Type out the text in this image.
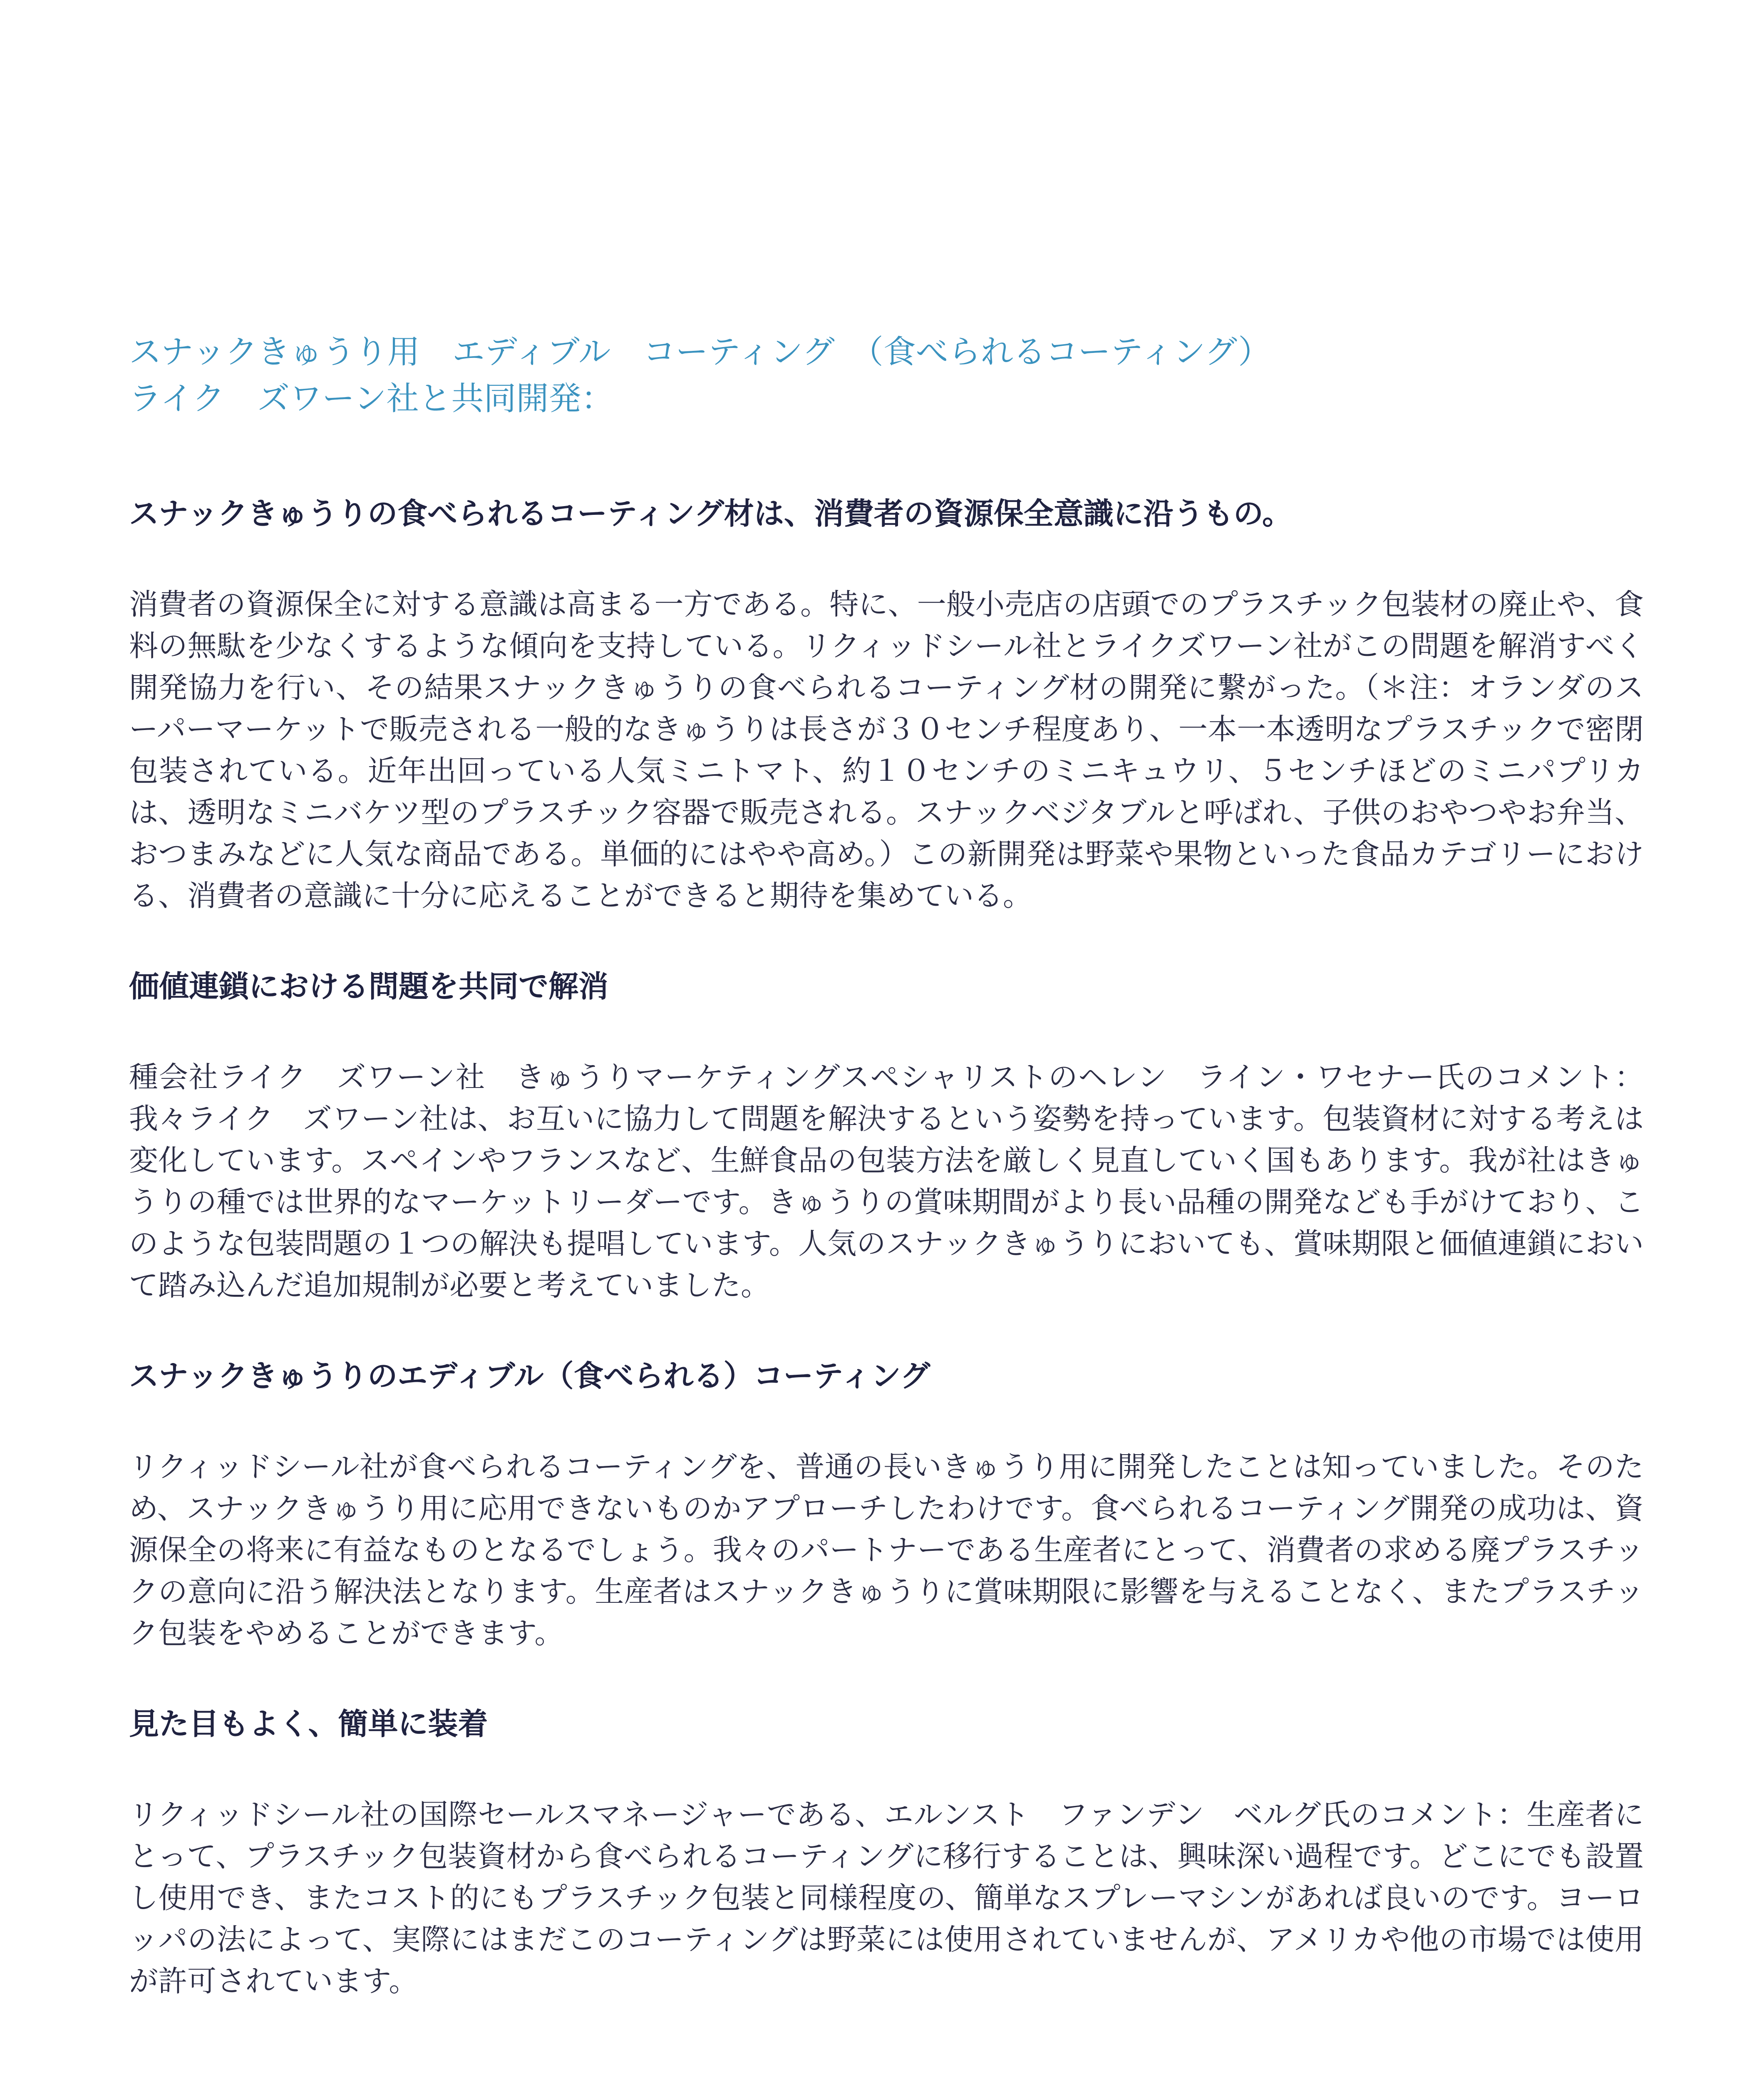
スナックきゅうり用　エディブル　コーティング　（食べられるコーティング）
ライク　ズワーン社と共同開発：
スナックきゅうりの食べられるコーティング材は、消費者の資源保全意識に沿うもの。

消費者の資源保全に対する意識は高まる一方である。特に、一般小売店の店頭でのプラスチック包装材の廃止や、食料の無駄を少なくするような傾向を支持している。リクィッドシール社とライクズワーン社がこの問題を解消すべく開発協力を行い、その結果スナックきゅうりの食べられるコーティング材の開発に繋がった。（＊注：オランダのスーパーマーケットで販売される一般的なきゅうりは長さが３０センチ程度あり、一本一本透明なプラスチックで密閉包装されている。近年出回っている人気ミニトマト、約１０センチのミニキュウリ、５センチほどのミニパプリカは、透明なミニバケツ型のプラスチック容器で販売される。スナックベジタブルと呼ばれ、子供のおやつやお弁当、おつまみなどに人気な商品である。単価的にはやや高め。）この新開発は野菜や果物といった食品カテゴリーにおける、消費者の意識に十分に応えることができると期待を集めている。

価値連鎖における問題を共同で解消

種会社ライク　ズワーン社　きゅうりマーケティングスペシャリストのヘレン　ライン・ワセナー氏のコメント：我々ライク　ズワーン社は、お互いに協力して問題を解決するという姿勢を持っています。包装資材に対する考えは変化しています。スペインやフランスなど、生鮮食品の包装方法を厳しく見直していく国もあります。我が社はきゅうりの種では世界的なマーケットリーダーです。きゅうりの賞味期間がより長い品種の開発なども手がけており、このような包装問題の１つの解決も提唱しています。人気のスナックきゅうりにおいても、賞味期限と価値連鎖において踏み込んだ追加規制が必要と考えていました。

スナックきゅうりのエディブル（食べられる）コーティング

リクィッドシール社が食べられるコーティングを、普通の長いきゅうり用に開発したことは知っていました。そのため、スナックきゅうり用に応用できないものかアプローチしたわけです。食べられるコーティング開発の成功は、資源保全の将来に有益なものとなるでしょう。我々のパートナーである生産者にとって、消費者の求める廃プラスチックの意向に沿う解決法となります。生産者はスナックきゅうりに賞味期限に影響を与えることなく、またプラスチック包装をやめることができます。

見た目もよく、簡単に装着

リクィッドシール社の国際セールスマネージャーである、エルンスト　ファンデン　ベルグ氏のコメント：生産者にとって、プラスチック包装資材から食べられるコーティングに移行することは、興味深い過程です。どこにでも設置し使用でき、またコスト的にもプラスチック包装と同様程度の、簡単なスプレーマシンがあれば良いのです。ヨーロッパの法によって、実際にはまだこのコーティングは野菜には使用されていませんが、アメリカや他の市場では使用が許可されています。
